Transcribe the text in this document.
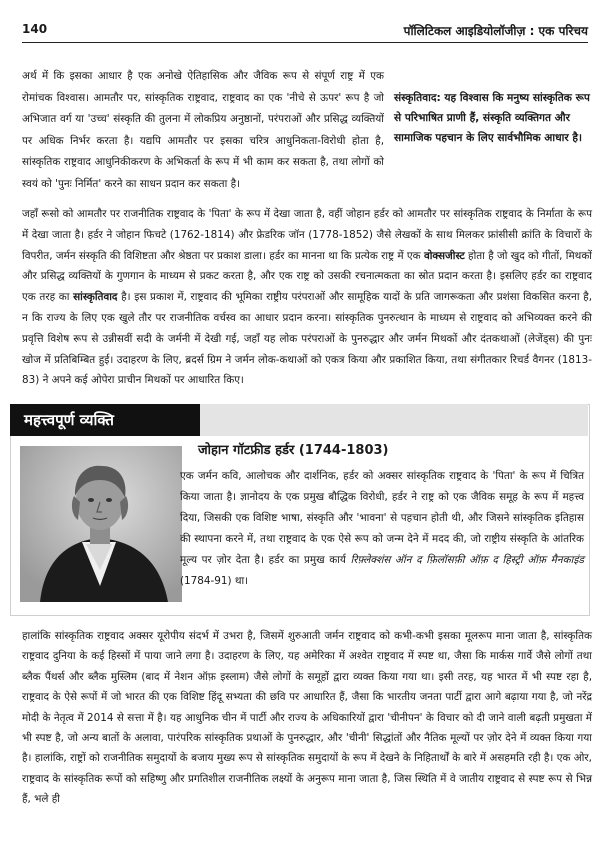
140	पॉलिटिकल आइडियोलॉजीज़ : एक परिचय

अर्थ में कि इसका आधार है एक अनोखे ऐतिहासिक और जैविक रूप से संपूर्ण राष्ट्र में एक रोमांचक विश्वास। आमतौर पर, सांस्कृतिक राष्ट्रवाद, राष्ट्रवाद का एक 'नीचे से ऊपर' रूप है जो अभिजात वर्ग या 'उच्च' संस्कृति की तुलना में लोकप्रिय अनुष्ठानों, परंपराओं और प्रसिद्ध व्यक्तियों पर अधिक निर्भर करता है। यद्यपि आमतौर पर इसका चरित्र आधुनिकता-विरोधी होता है, सांस्कृतिक राष्ट्रवाद आधुनिकीकरण के अभिकर्ता के रूप में भी काम कर सकता है, तथा लोगों को स्वयं को 'पुनः निर्मित' करने का साधन प्रदान कर सकता है।

संस्कृतिवाद: यह विश्वास कि मनुष्य सांस्कृतिक रूप से परिभाषित प्राणी हैं, संस्कृति व्यक्तिगत और सामाजिक पहचान के लिए सार्वभौमिक आधार है।

जहाँ रूसो को आमतौर पर राजनीतिक राष्ट्रवाद के 'पिता' के रूप में देखा जाता है, वहीं जोहान हर्डर को आमतौर पर सांस्कृतिक राष्ट्रवाद के निर्माता के रूप में देखा जाता है। हर्डर ने जोहान फिचटे (1762-1814) और फ्रेडरिक जॉन (1778-1852) जैसे लेखकों के साथ मिलकर फ्रांसीसी क्रांति के विचारों के विपरीत, जर्मन संस्कृति की विशिष्टता और श्रेष्ठता पर प्रकाश डाला। हर्डर का मानना था कि प्रत्येक राष्ट्र में एक वोक्सजीस्ट होता है जो खुद को गीतों, मिथकों और प्रसिद्ध व्यक्तियों के गुणगान के माध्यम से प्रकट करता है, और एक राष्ट्र को उसकी रचनात्मकता का स्रोत प्रदान करता है। इसलिए हर्डर का राष्ट्रवाद एक तरह का सांस्कृतिवाद है। इस प्रकाश में, राष्ट्रवाद की भूमिका राष्ट्रीय परंपराओं और सामूहिक यादों के प्रति जागरूकता और प्रशंसा विकसित करना है, न कि राज्य के लिए एक खुले तौर पर राजनीतिक वर्चस्व का आधार प्रदान करना। सांस्कृतिक पुनरुत्थान के माध्यम से राष्ट्रवाद को अभिव्यक्त करने की प्रवृत्ति विशेष रूप से उन्नीसवीं सदी के जर्मनी में देखी गई, जहाँ यह लोक परंपराओं के पुनरुद्धार और जर्मन मिथकों और दंतकथाओं (लेजेंड्स) की पुनः खोज में प्रतिबिम्बित हुई। उदाहरण के लिए, ब्रदर्स ग्रिम ने जर्मन लोक-कथाओं को एकत्र किया और प्रकाशित किया, तथा संगीतकार रिचर्ड वैगनर (1813-83) ने अपने कई ओपेरा प्राचीन मिथकों पर आधारित किए।

महत्त्वपूर्ण व्यक्ति
जोहान गॉटफ्रीड हर्डर (1744-1803)

एक जर्मन कवि, आलोचक और दार्शनिक, हर्डर को अक्सर सांस्कृतिक राष्ट्रवाद के 'पिता' के रूप में चित्रित किया जाता है। ज्ञानोदय के एक प्रमुख बौद्धिक विरोधी, हर्डर ने राष्ट्र को एक जैविक समूह के रूप में महत्त्व दिया, जिसकी एक विशिष्ट भाषा, संस्कृति और 'भावना' से पहचान होती थी, और जिसने सांस्कृतिक इतिहास की स्थापना करने में, तथा राष्ट्रवाद के एक ऐसे रूप को जन्म देने में मदद की, जो राष्ट्रीय संस्कृति के आंतरिक मूल्य पर ज़ोर देता है। हर्डर का प्रमुख कार्य रिफ़्लेक्शंस ऑन द फ़िलॉसफ़ी ऑफ़ द हिस्ट्री ऑफ़ मैनकाइंड (1784-91) था।

हालांकि सांस्कृतिक राष्ट्रवाद अक्सर यूरोपीय संदर्भ में उभरा है, जिसमें शुरुआती जर्मन राष्ट्रवाद को कभी-कभी इसका मूलरूप माना जाता है, सांस्कृतिक राष्ट्रवाद दुनिया के कई हिस्सों में पाया जाने लगा है। उदाहरण के लिए, यह अमेरिका में अश्वेत राष्ट्रवाद में स्पष्ट था, जैसा कि मार्कस गार्वे जैसे लोगों तथा ब्लैक पैंथर्स और ब्लैक मुस्लिम (बाद में नेशन ऑफ़ इस्लाम) जैसे लोगों के समूहों द्वारा व्यक्त किया गया था। इसी तरह, यह भारत में भी स्पष्ट रहा है, राष्ट्रवाद के ऐसे रूपों में जो भारत की एक विशिष्ट हिंदू सभ्यता की छवि पर आधारित हैं, जैसा कि भारतीय जनता पार्टी द्वारा आगे बढ़ाया गया है, जो नरेंद्र मोदी के नेतृत्व में 2014 से सत्ता में है। यह आधुनिक चीन में पार्टी और राज्य के अधिकारियों द्वारा 'चीनीपन' के विचार को दी जाने वाली बढ़ती प्रमुखता में भी स्पष्ट है, जो अन्य बातों के अलावा, पारंपरिक सांस्कृतिक प्रथाओं के पुनरुद्धार, और 'चीनी' सिद्धांतों और नैतिक मूल्यों पर ज़ोर देने में व्यक्त किया गया है। हालांकि, राष्ट्रों को राजनीतिक समुदायों के बजाय मुख्य रूप से सांस्कृतिक समुदायों के रूप में देखने के निहितार्थों के बारे में असहमति रही है। एक ओर, राष्ट्रवाद के सांस्कृतिक रूपों को सहिष्णु और प्रगतिशील राजनीतिक लक्ष्यों के अनुरूप माना जाता है, जिस स्थिति में वे जातीय राष्ट्रवाद से स्पष्ट रूप से भिन्न हैं, भले ही
